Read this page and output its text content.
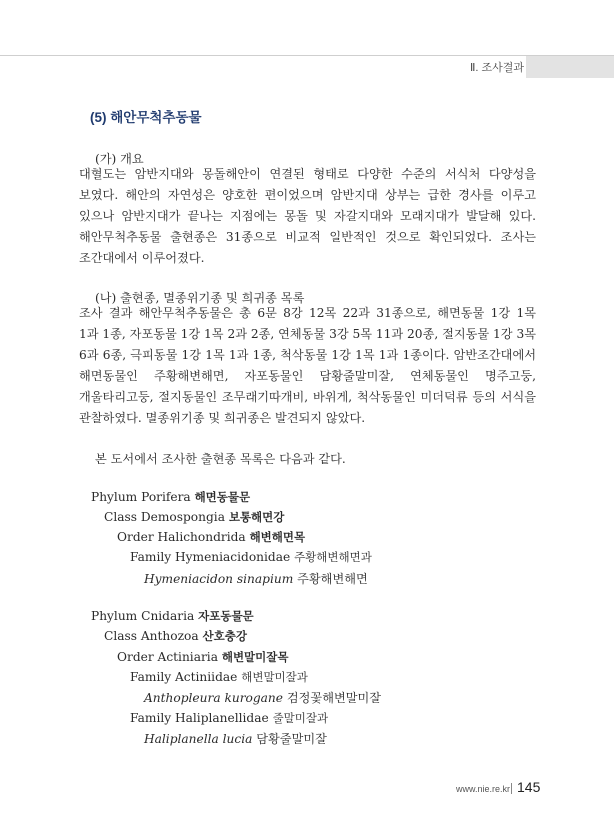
Ⅱ. 조사결과
(5) 해안무척추동물
(가) 개요
대혈도는 암반지대와 몽돌해안이 연결된 형태로 다양한 수준의 서식처 다양성을
보였다. 해안의 자연성은 양호한 편이었으며 암반지대 상부는 급한 경사를 이루고
있으나 암반지대가 끝나는 지점에는 몽돌 및 자갈지대와 모래지대가 발달해 있다.
해안무척추동물 출현종은 31종으로 비교적 일반적인 것으로 확인되었다. 조사는
조간대에서 이루어졌다.
(나) 출현종, 멸종위기종 및 희귀종 목록
조사 결과 해안무척추동물은 총 6문 8강 12목 22과 31종으로, 해면동물 1강 1목
1과 1종, 자포동물 1강 1목 2과 2종, 연체동물 3강 5목 11과 20종, 절지동물 1강 3목
6과 6종, 극피동물 1강 1목 1과 1종, 척삭동물 1강 1목 1과 1종이다. 암반조간대에서
해면동물인 주황해변해면, 자포동물인 담황줄말미잘, 연체동물인 명주고둥,
개울타리고둥, 절지동물인 조무래기따개비, 바위게, 척삭동물인 미더덕류 등의 서식을
관찰하였다. 멸종위기종 및 희귀종은 발견되지 않았다.
본 도서에서 조사한 출현종 목록은 다음과 같다.
Phylum Porifera 해면동물문
Class Demospongia 보통해면강
Order Halichondrida 해변해면목
Family Hymeniacidonidae 주황해변해면과
Hymeniacidon sinapium 주황해변해면
Phylum Cnidaria 자포동물문
Class Anthozoa 산호충강
Order Actiniaria 해변말미잘목
Family Actiniidae 해변말미잘과
Anthopleura kurogane 검정꽃해변말미잘
Family Haliplanellidae 줄말미잘과
Haliplanella lucia 담황줄말미잘
www.nie.re.kr 145
